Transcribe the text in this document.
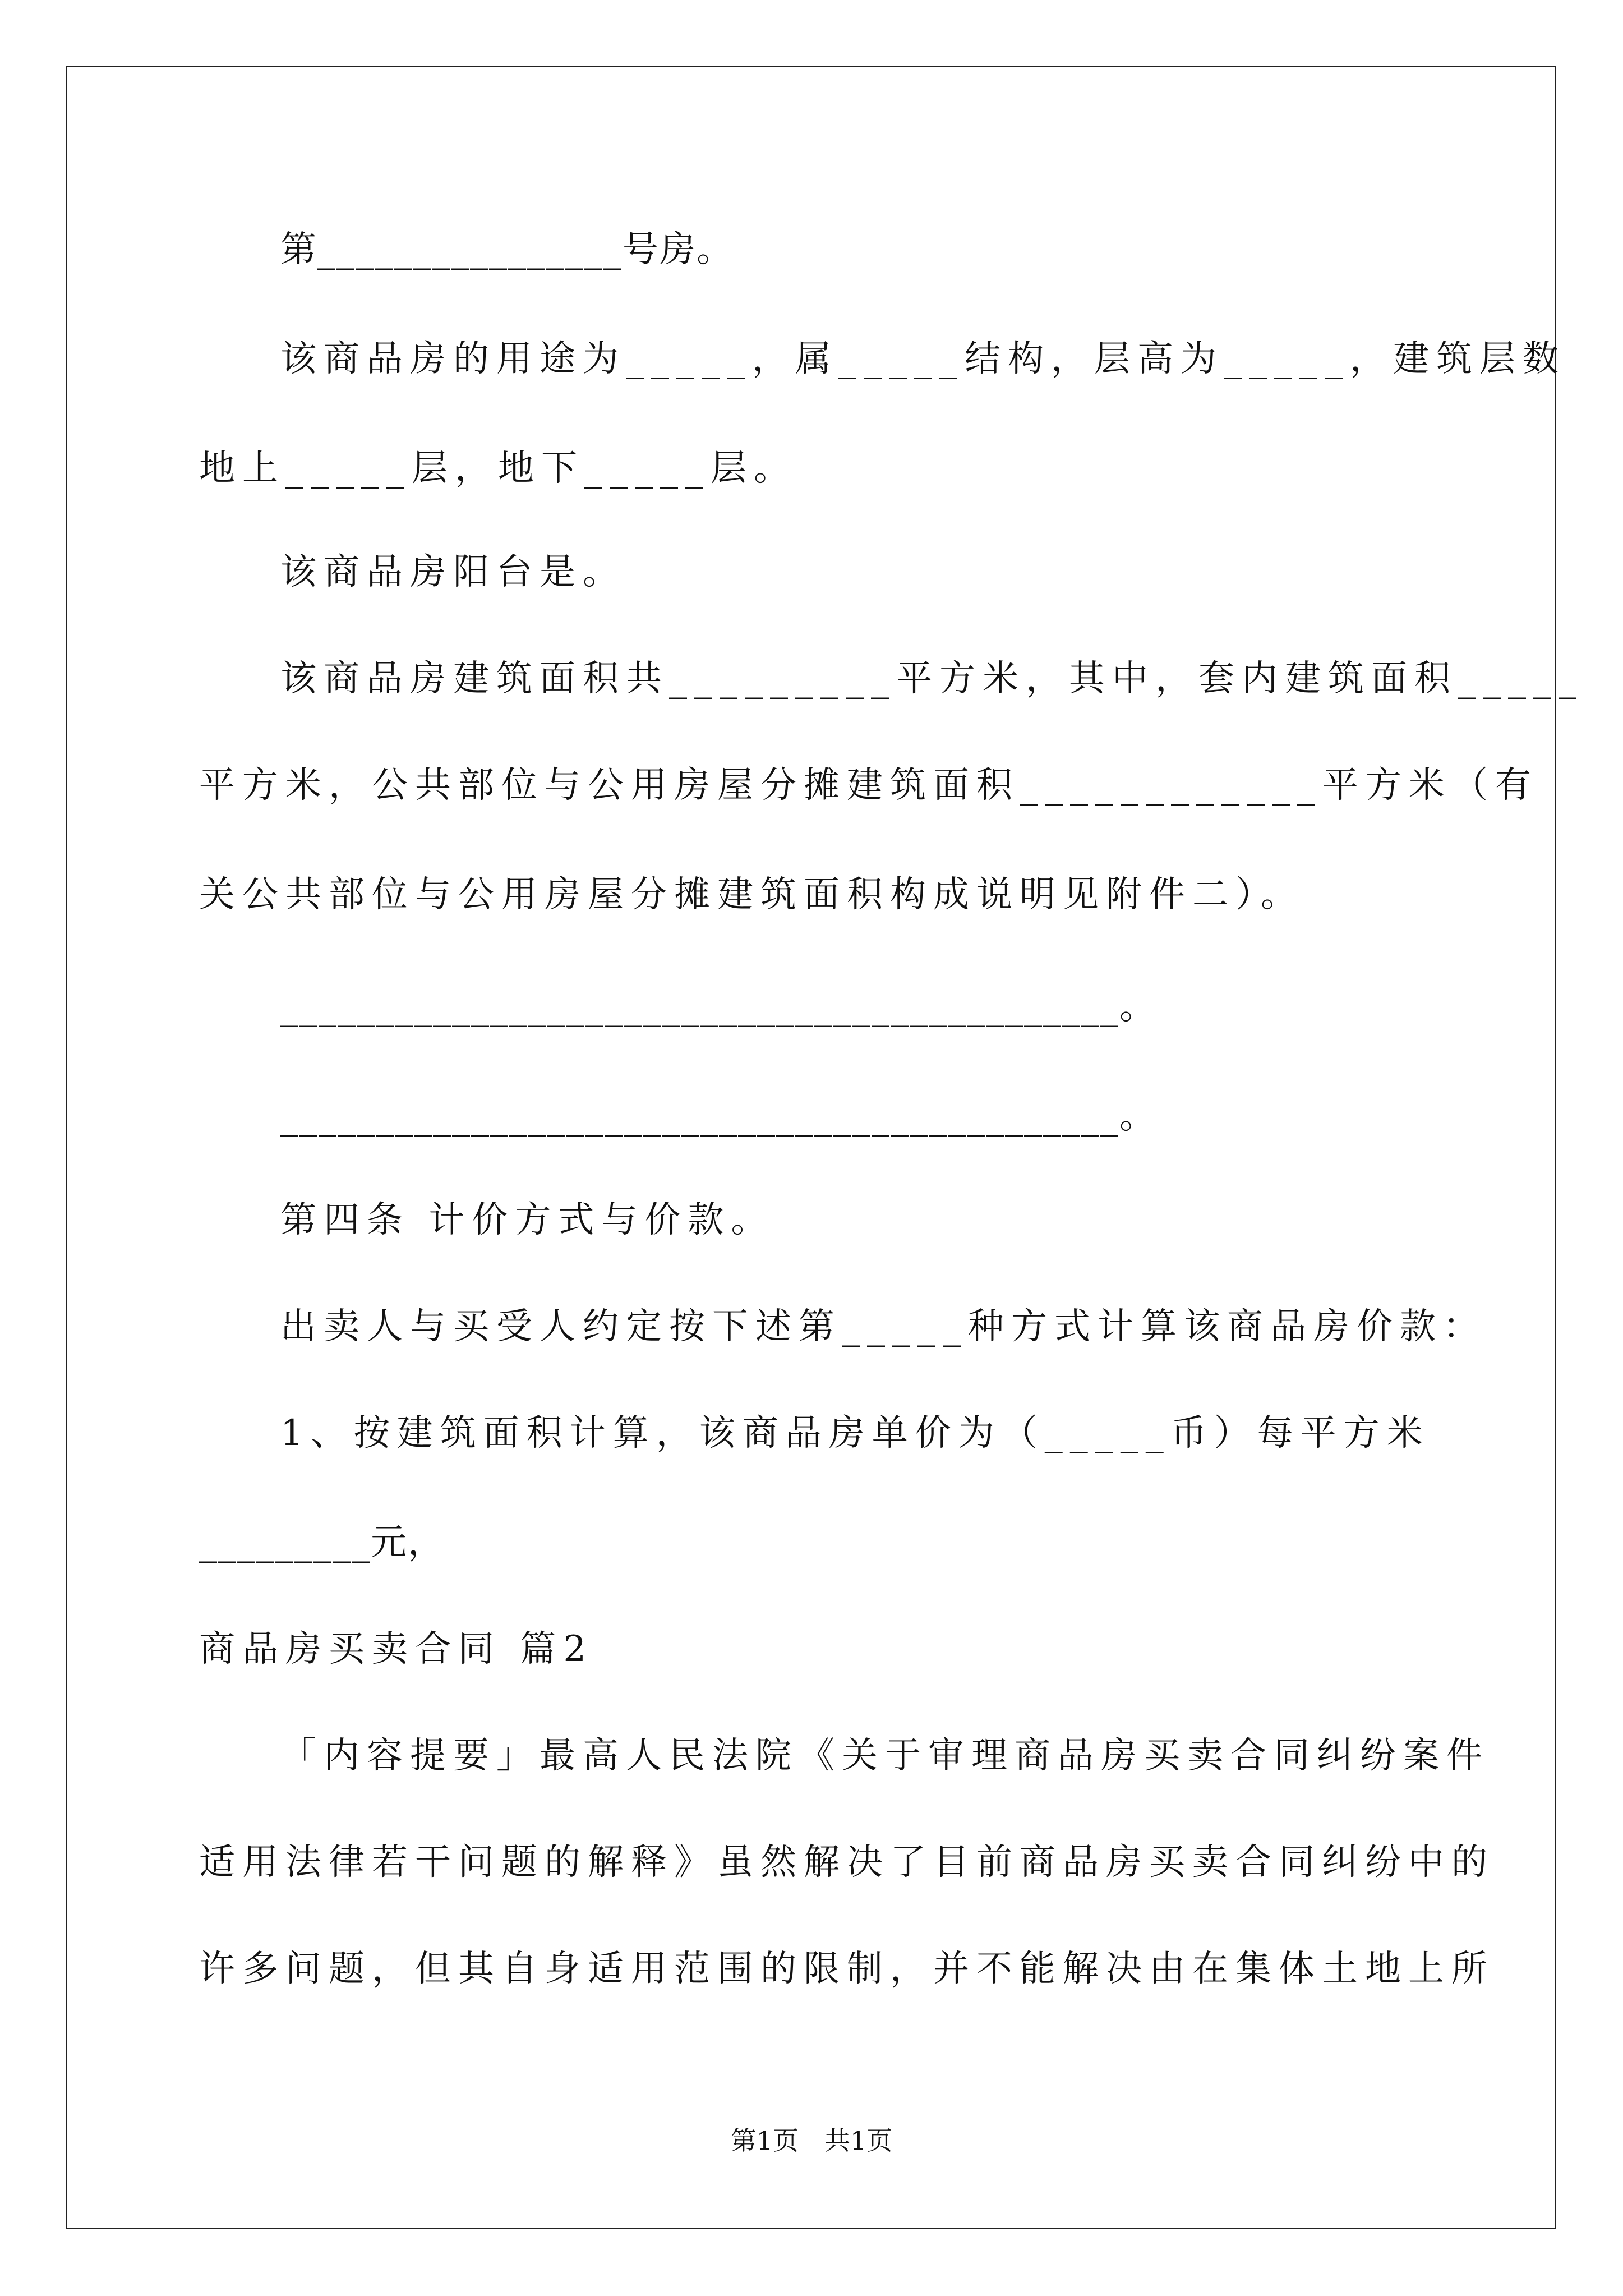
第________________号房。
该商品房的用途为_____，属_____结构，层高为_____，建筑层数
地上_____层，地下_____层。
该商品房阳台是。
该商品房建筑面积共_________平方米，其中，套内建筑面积_____
平方米，公共部位与公用房屋分摊建筑面积____________平方米（有
关公共部位与公用房屋分摊建筑面积构成说明见附件二）。
____________________________________________。
____________________________________________。
第四条 计价方式与价款。
出卖人与买受人约定按下述第_____种方式计算该商品房价款：
1、按建筑面积计算，该商品房单价为（_____币）每平方米
_________元，
商品房买卖合同 篇2
「内容提要」最高人民法院《关于审理商品房买卖合同纠纷案件
适用法律若干问题的解释》虽然解决了目前商品房买卖合同纠纷中的
许多问题，但其自身适用范围的限制，并不能解决由在集体土地上所
第1页　共1页
